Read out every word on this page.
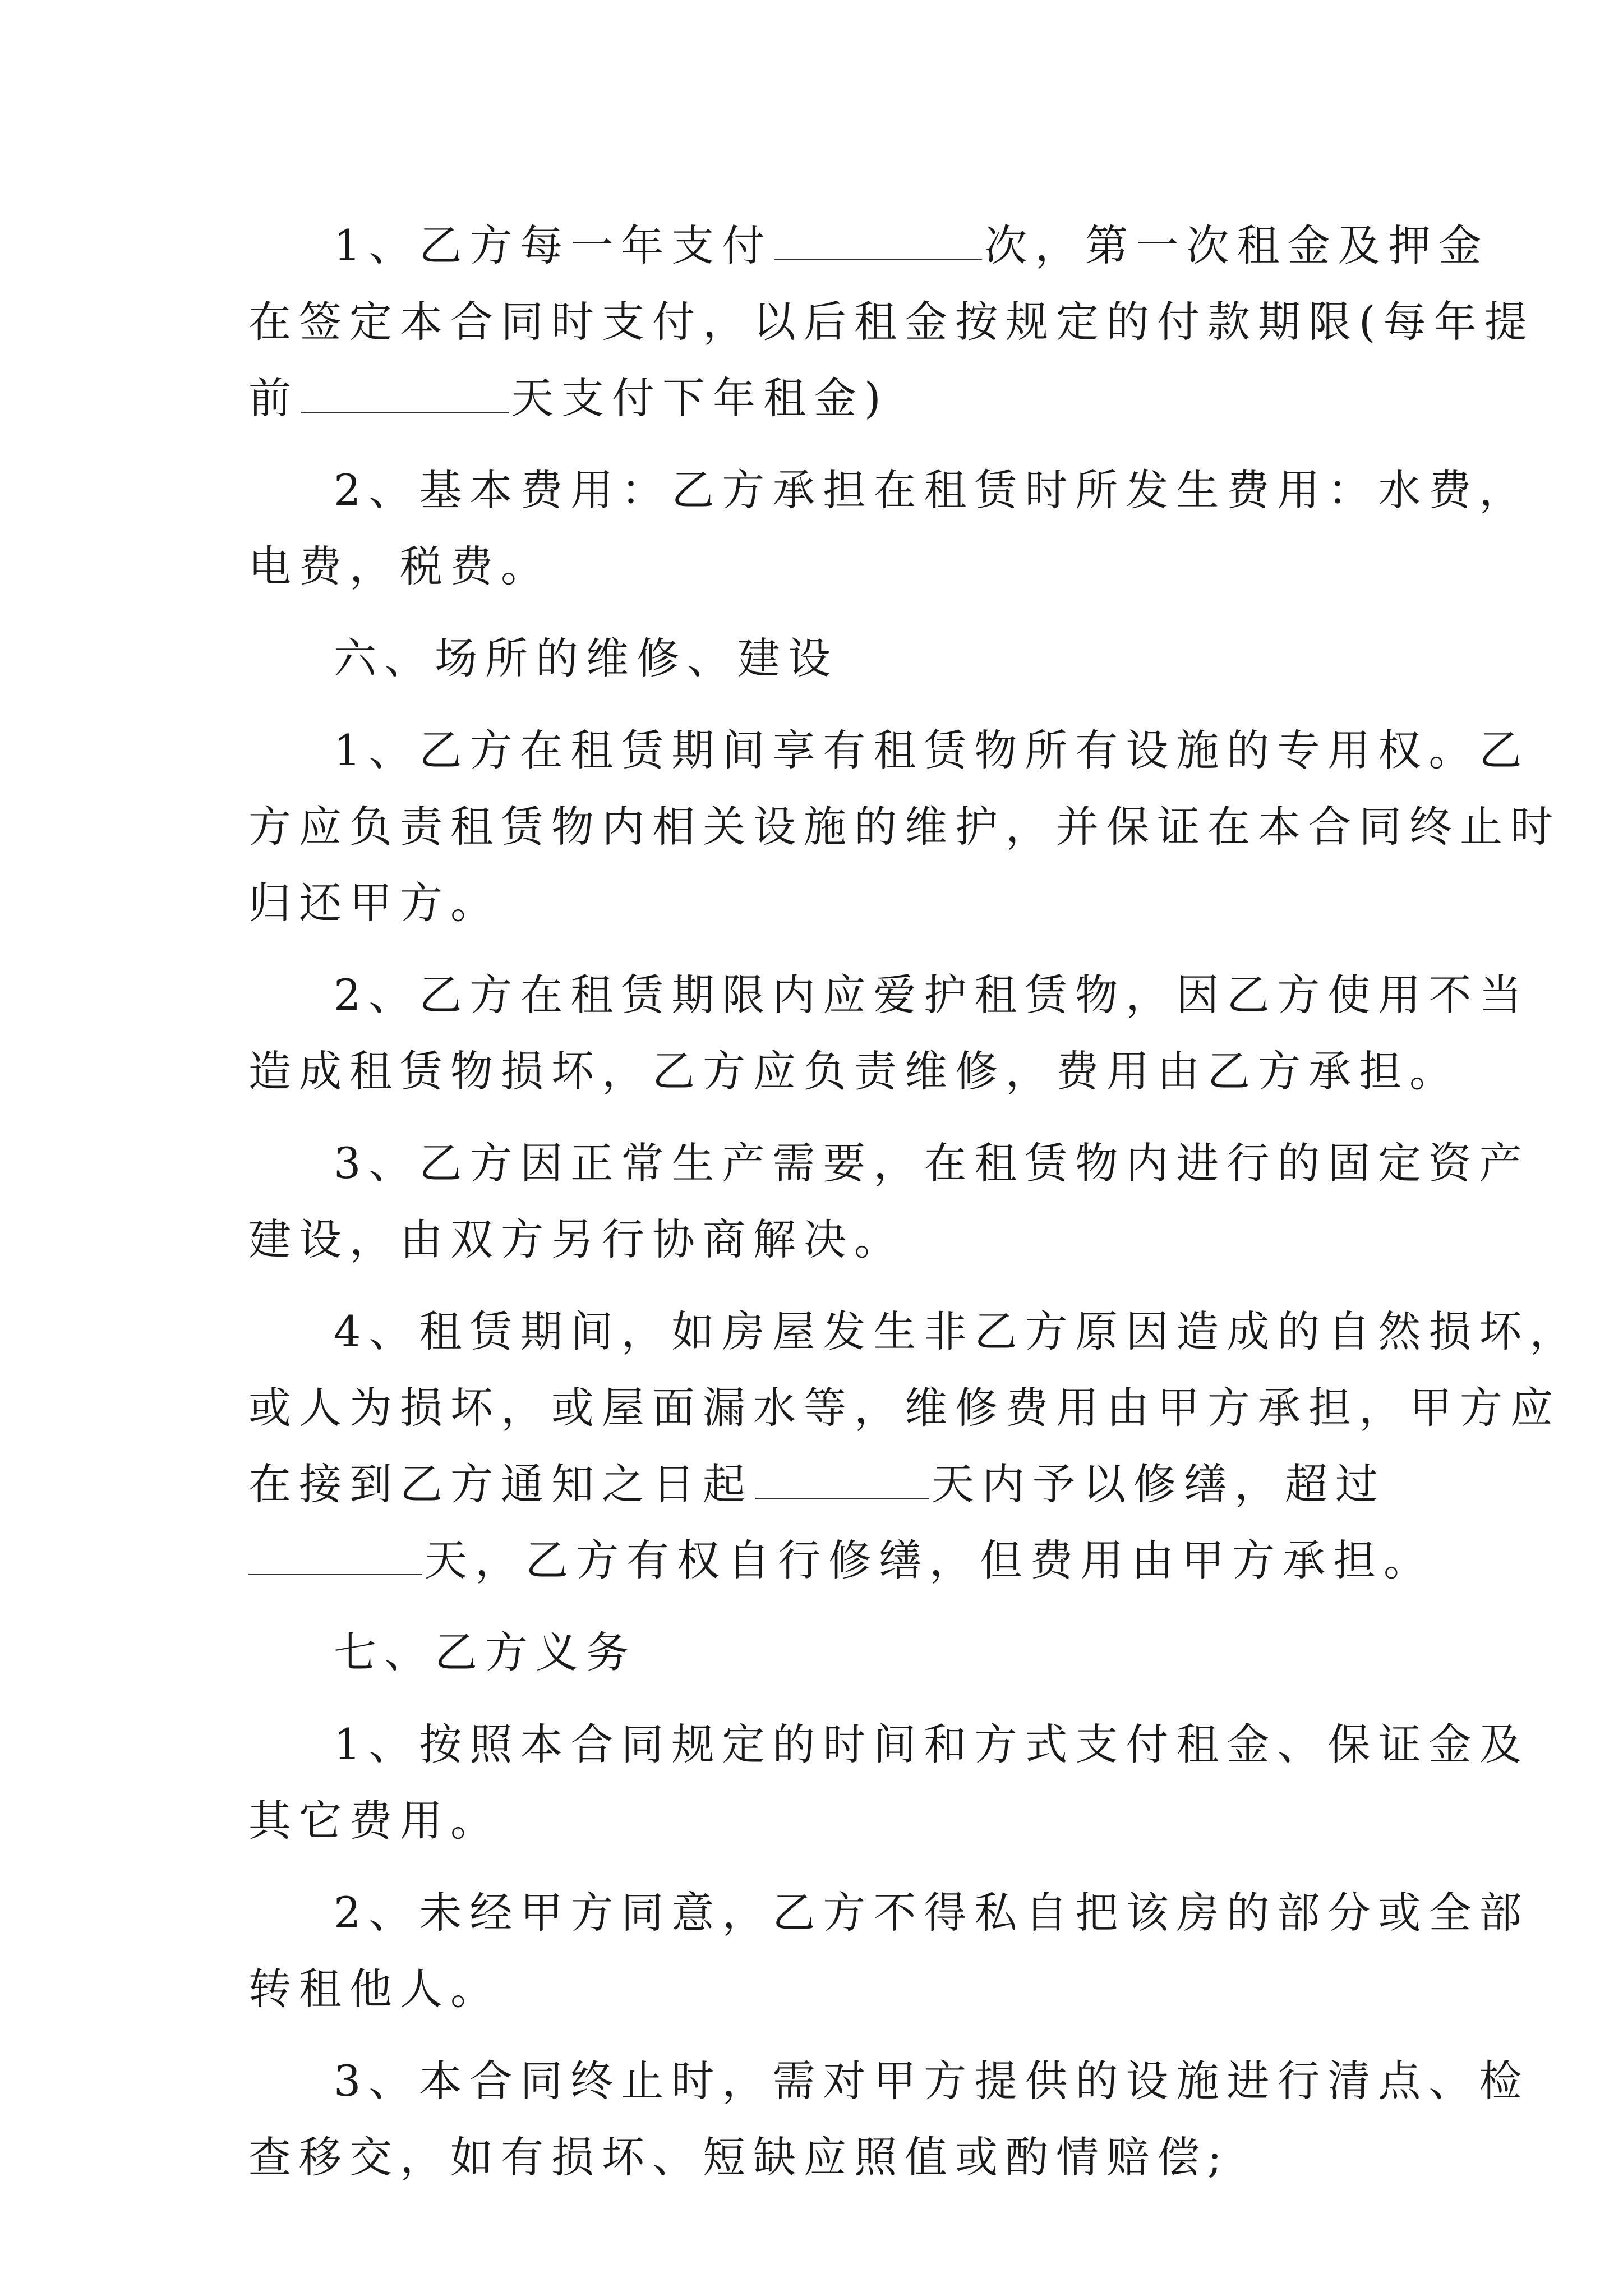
1、乙方每一年支付	次，第一次租金及押金
在签定本合同时支付，以后租金按规定的付款期限(每年提
前	天支付下年租金)
2、基本费用：乙方承担在租赁时所发生费用：水费，
电费，税费。
六、场所的维修、建设
1、乙方在租赁期间享有租赁物所有设施的专用权。乙
方应负责租赁物内相关设施的维护，并保证在本合同终止时
归还甲方。
2、乙方在租赁期限内应爱护租赁物，因乙方使用不当
造成租赁物损坏，乙方应负责维修，费用由乙方承担。
3、乙方因正常生产需要，在租赁物内进行的固定资产
建设，由双方另行协商解决。
4、租赁期间，如房屋发生非乙方原因造成的自然损坏，
或人为损坏，或屋面漏水等，维修费用由甲方承担，甲方应
在接到乙方通知之日起	天内予以修缮，超过
天，乙方有权自行修缮，但费用由甲方承担。
七、乙方义务
1、按照本合同规定的时间和方式支付租金、保证金及
其它费用。
2、未经甲方同意，乙方不得私自把该房的部分或全部
转租他人。
3、本合同终止时，需对甲方提供的设施进行清点、检
查移交，如有损坏、短缺应照值或酌情赔偿;
